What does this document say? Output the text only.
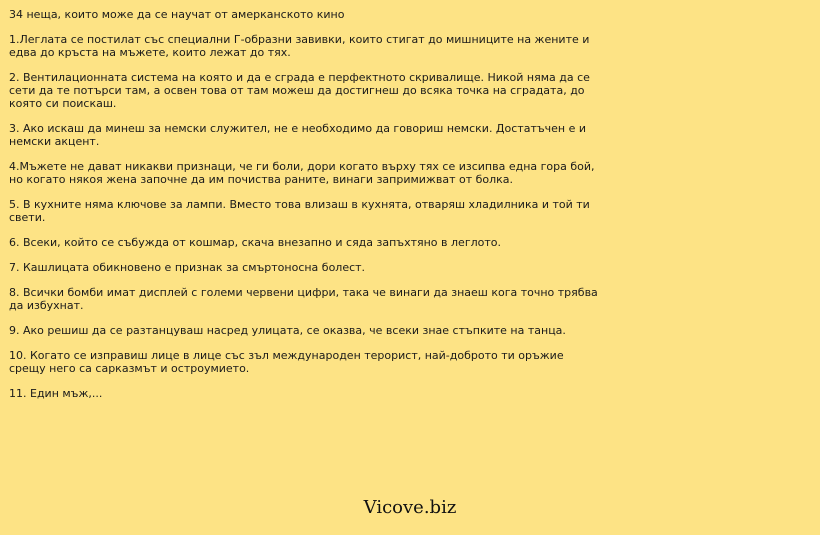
34 неща, които може да се научат от амерканското кино
1.Леглата се постилат със специални Г-образни завивки, които стигат до мишниците на жените и едва до кръста на мъжете, които лежат до тях.
2. Вентилационната система на която и да е сграда е перфектното скривалище. Никой няма да се сети да те потърси там, а освен това от там можеш да достигнеш до всяка точка на сградата, до която си поискаш.
3. Ако искаш да минеш за немски служител, не е необходимо да говориш немски. Достатъчен е и немски акцент.
4.Мъжете не дават никакви признаци, че ги боли, дори когато върху тях се изсипва една гора бой, но когато някоя жена започне да им почиства раните, винаги запримижват от болка.
5. В кухните няма ключове за лампи. Вместо това влизаш в кухнята, отваряш хладилника и той ти свети.
6. Всеки, който се събужда от кошмар, скача внезапно и сяда запъхтяно в леглото.
7. Кашлицата обикновено е признак за смъртоносна болест.
8. Всички бомби имат дисплей с големи червени цифри, така че винаги да знаеш кога точно трябва да избухнат.
9. Ако решиш да се разтанцуваш насред улицата, се оказва, че всеки знае стъпките на танца.
10. Когато се изправиш лице в лице със зъл международен терорист, най-доброто ти оръжие срещу него са сарказмът и остроумието.
11. Един мъж,...
Vicove.biz
